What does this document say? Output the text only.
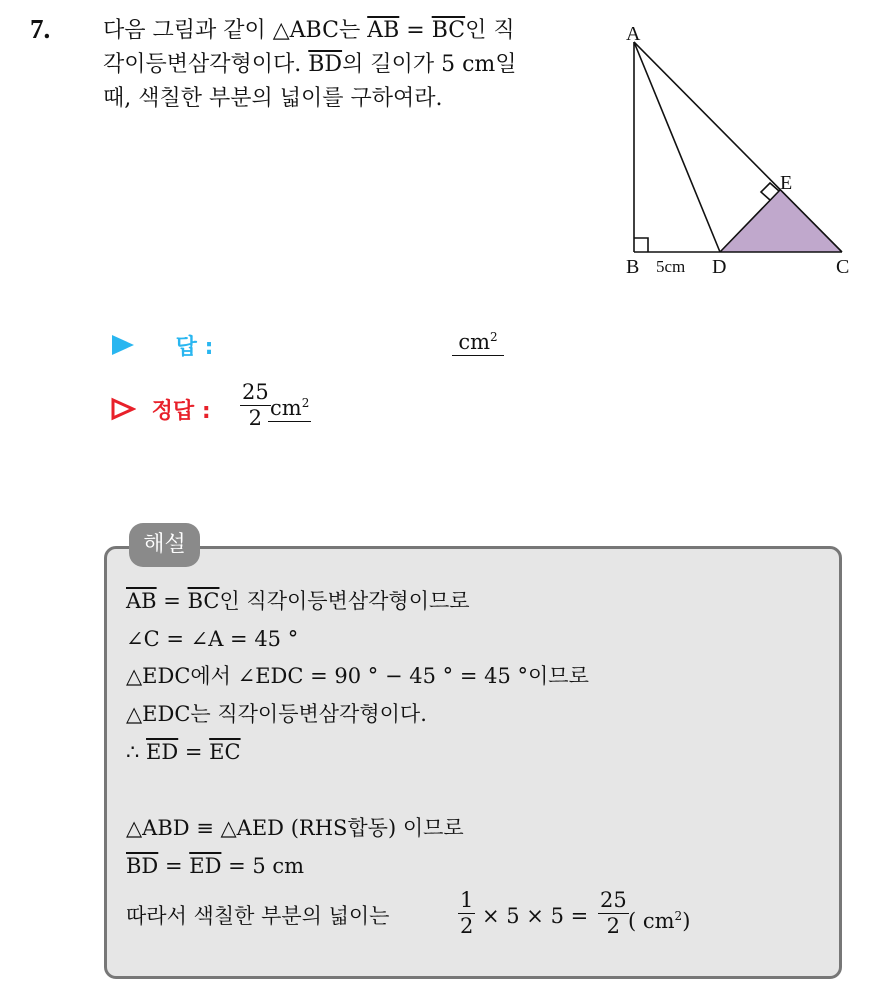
7. 다음 그림과 같이 △ABC는 $\overline{AB} = \overline{BC}$인 직
각이등변삼각형이다. $\overline{BD}$의 길이가 5 cm일
때, 색칠한 부분의 넓이를 구하여라.
A
B	C
D
E
5cm
답 :	$cm^2$
정답 : $\frac{25}{2} cm^2$
해설
$\overline{AB} = \overline{BC}$인 직각이등변삼각형이므로
∠C = ∠A = 45 °
△EDC에서 ∠EDC = 90 ° − 45 ° = 45 °이므로
△EDC는 직각이등변삼각형이다.
∴ $\overline{ED} = \overline{EC}$
△ABD ≡ △AED (RHS합동) 이므로
$\overline{BD} = \overline{ED} = 5$ cm
따라서 색칠한 부분의 넓이는	$\frac{1}{2} \times 5 \times 5 = \frac{25}{2}$ ( $cm^2$)
